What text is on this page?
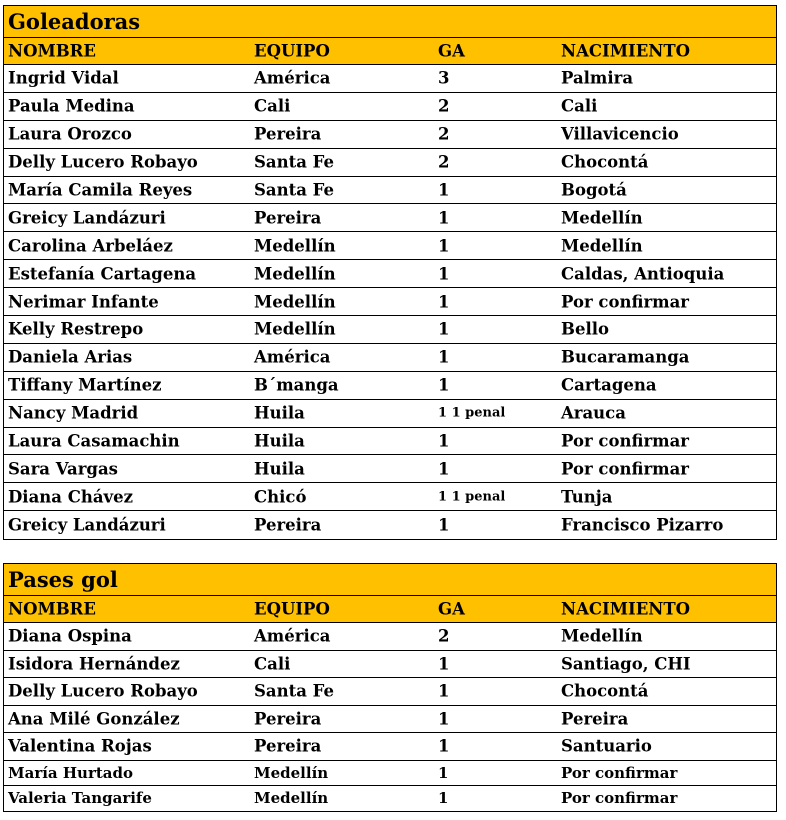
Goleadoras
NOMBRE	EQUIPO	GA	NACIMIENTO
Ingrid Vidal	América	3	Palmira
Paula Medina	Cali	2	Cali
Laura Orozco	Pereira	2	Villavicencio
Delly Lucero Robayo	Santa Fe	2	Chocontá
María Camila Reyes	Santa Fe	1	Bogotá
Greicy Landázuri	Pereira	1	Medellín
Carolina Arbeláez	Medellín	1	Medellín
Estefanía Cartagena	Medellín	1	Caldas, Antioquia
Nerimar Infante	Medellín	1	Por confirmar
Kelly Restrepo	Medellín	1	Bello
Daniela Arias	América	1	Bucaramanga
Tiffany Martínez	B´manga	1	Cartagena
Nancy Madrid	Huila	1 1 penal	Arauca
Laura Casamachin	Huila	1	Por confirmar
Sara Vargas	Huila	1	Por confirmar
Diana Chávez	Chicó	1 1 penal	Tunja
Greicy Landázuri	Pereira	1	Francisco Pizarro
Pases gol
NOMBRE	EQUIPO	GA	NACIMIENTO
Diana Ospina	América	2	Medellín
Isidora Hernández	Cali	1	Santiago, CHI
Delly Lucero Robayo	Santa Fe	1	Chocontá
Ana Milé González	Pereira	1	Pereira
Valentina Rojas	Pereira	1	Santuario
María Hurtado	Medellín	1	Por confirmar
Valeria Tangarife	Medellín	1	Por confirmar
